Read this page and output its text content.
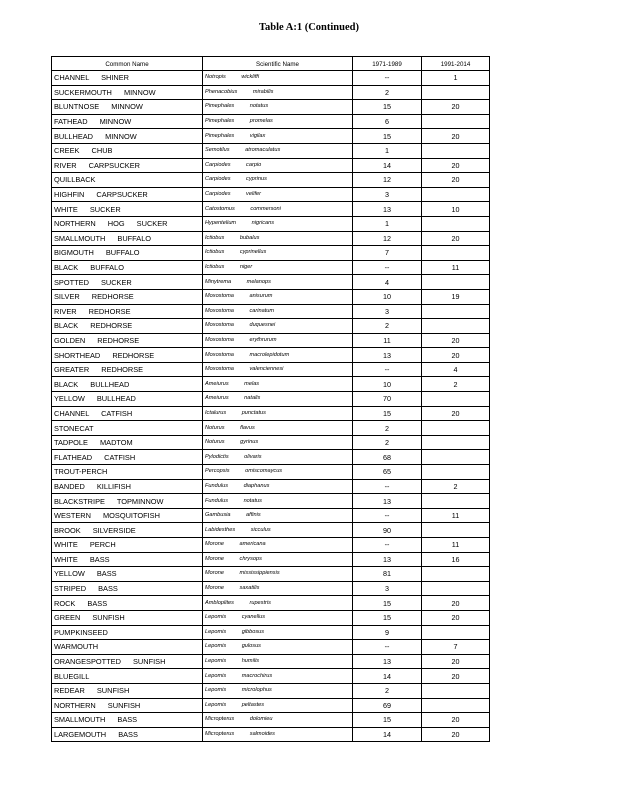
Table A:1 (Continued)
Common Name	Scientific Name	1971-1989	1991-2014
CHANNEL SHINER	Notropis wickliffi	--	1
SUCKERMOUTH MINNOW	Phenacobius mirabilis	2	
BLUNTNOSE MINNOW	Pimephales notatus	15	20
FATHEAD MINNOW	Pimephales promelas	6	
BULLHEAD MINNOW	Pimephales vigilax	15	20
CREEK CHUB	Semotilus atromaculatus	1	
RIVER CARPSUCKER	Carpiodes carpio	14	20
QUILLBACK	Carpiodes cyprinus	12	20
HIGHFIN CARPSUCKER	Carpiodes velifer	3	
WHITE SUCKER	Catostomus commersoni	13	10
NORTHERN HOG SUCKER	Hypentelium nigricans	1	
SMALLMOUTH BUFFALO	Ictiobus bubalus	12	20
BIGMOUTH BUFFALO	Ictiobus cyprinellus	7	
BLACK BUFFALO	Ictiobus niger	--	11
SPOTTED SUCKER	Minytrema melanops	4	
SILVER REDHORSE	Moxostoma anisurum	10	19
RIVER REDHORSE	Moxostoma carinatum	3	
BLACK REDHORSE	Moxostoma duquesnei	2	
GOLDEN REDHORSE	Moxostoma erythrurum	11	20
SHORTHEAD REDHORSE	Moxostoma macrolepidotum	13	20
GREATER REDHORSE	Moxostoma valenciennesi	--	4
BLACK BULLHEAD	Ameiurus melas	10	2
YELLOW BULLHEAD	Ameiurus natalis	70	
CHANNEL CATFISH	Ictalurus punctatus	15	20
STONECAT	Noturus flavus	2	
TADPOLE MADTOM	Noturus gyrinus	2	
FLATHEAD CATFISH	Pylodictis olivaris	68	
TROUT-PERCH	Percopsis omiscomaycus	65	
BANDED KILLIFISH	Fundulus diaphanus	--	2
BLACKSTRIPE TOPMINNOW	Fundulus notatus	13	
WESTERN MOSQUITOFISH	Gambusia affinis	--	11
BROOK SILVERSIDE	Labidesthes sicculus	90	
WHITE PERCH	Morone americana	--	11
WHITE BASS	Morone chrysops	13	16
YELLOW BASS	Morone mississippiensis	81	
STRIPED BASS	Morone saxatilis	3	
ROCK BASS	Ambloplites rupestris	15	20
GREEN SUNFISH	Lepomis cyanellus	15	20
PUMPKINSEED	Lepomis gibbosus	9	
WARMOUTH	Lepomis gulosus	--	7
ORANGESPOTTED SUNFISH	Lepomis humilis	13	20
BLUEGILL	Lepomis macrochirus	14	20
REDEAR SUNFISH	Lepomis microlophus	2	
NORTHERN SUNFISH	Lepomis peltastes	69	
SMALLMOUTH BASS	Micropterus dolomieu	15	20
LARGEMOUTH BASS	Micropterus salmoides	14	20
